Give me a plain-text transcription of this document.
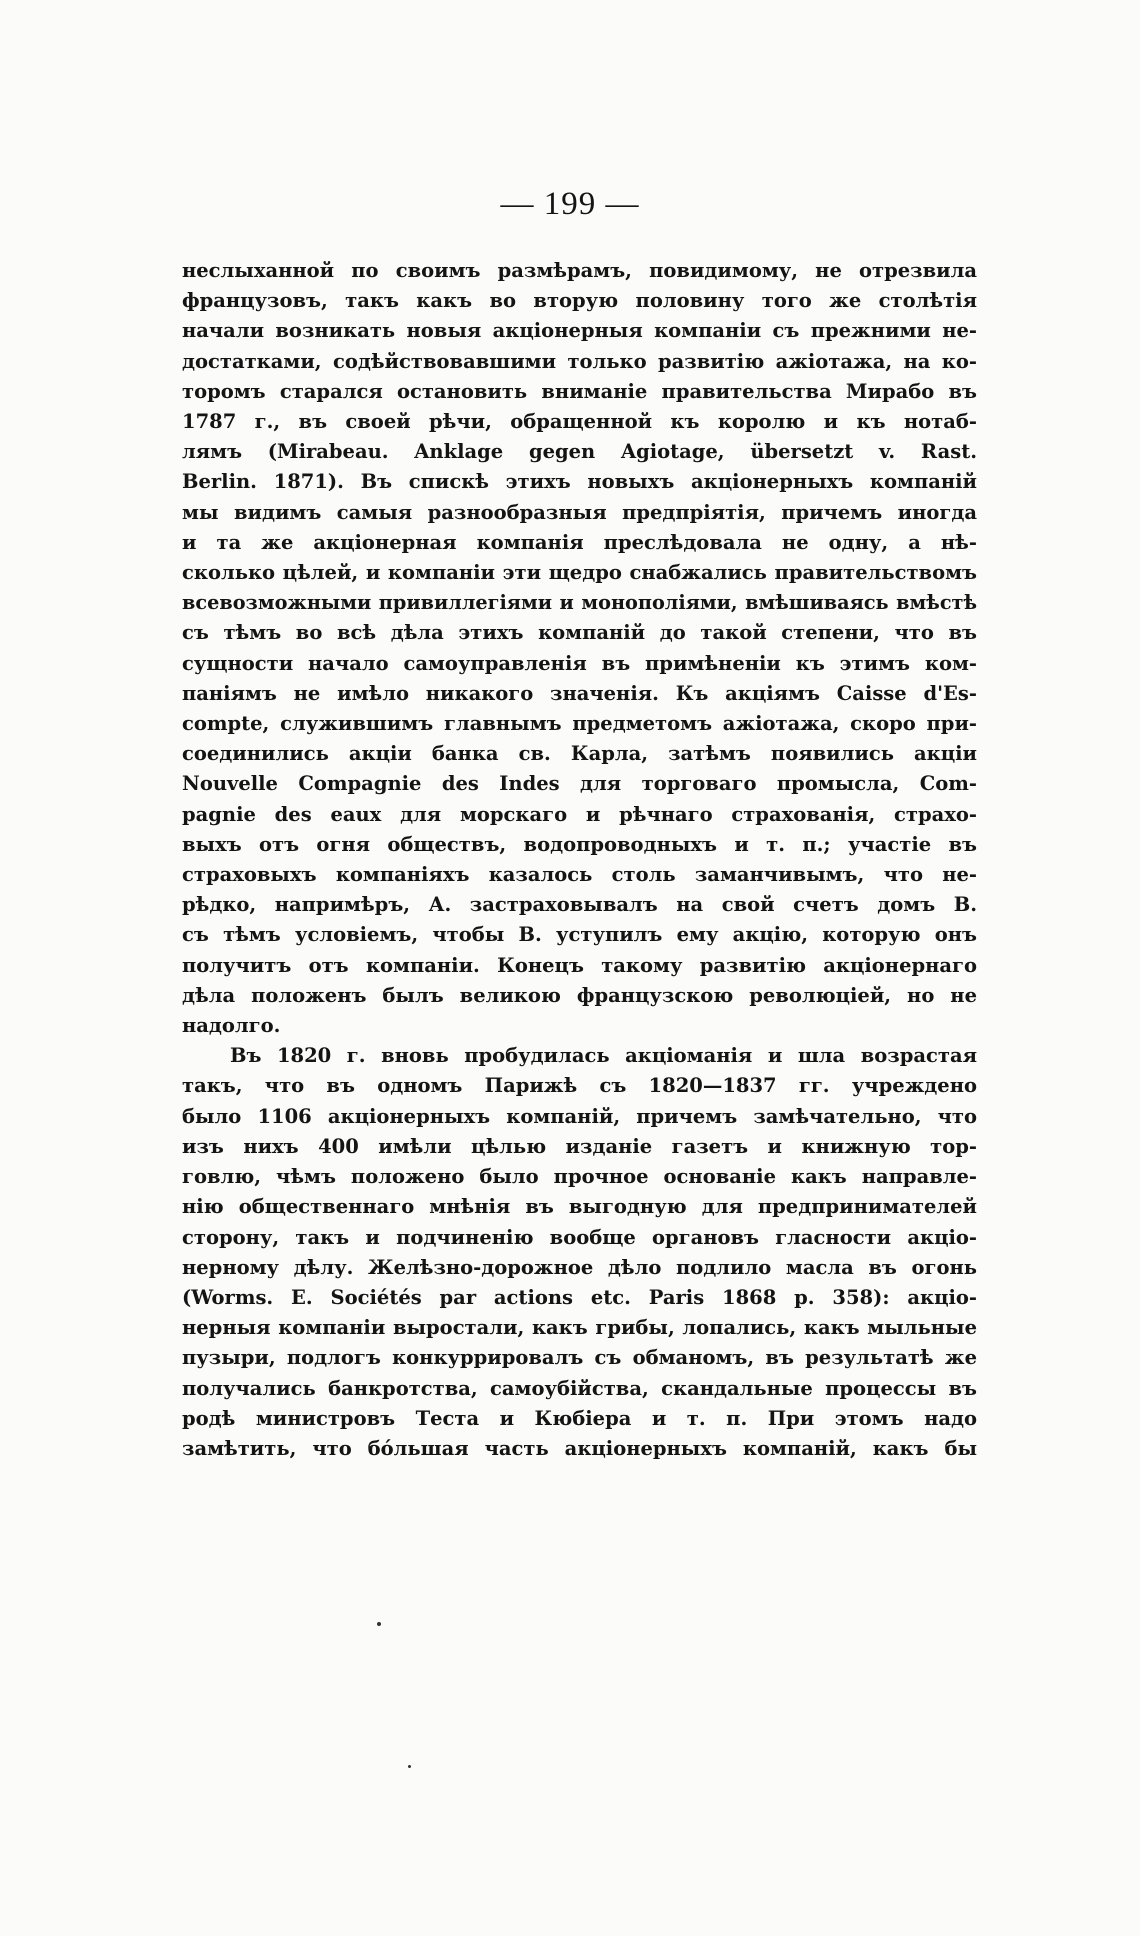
— 199 —
неслыханной по своимъ размѣрамъ, повидимому, не отрезвила
французовъ, такъ какъ во вторую половину того же столѣтія
начали возникать новыя акціонерныя компаніи съ прежними не-
достатками, содѣйствовавшими только развитію ажіотажа, на ко-
торомъ старался остановить вниманіе правительства Мирабо въ
1787 г., въ своей рѣчи, обращенной къ королю и къ нотаб-
лямъ (Mirabeau. Anklage gegen Agiotage, übersetzt v. Rast.
Berlin. 1871). Въ спискѣ этихъ новыхъ акціонерныхъ компаній
мы видимъ самыя разнообразныя предпріятія, причемъ иногда
и та же акціонерная компанія преслѣдовала не одну, а нѣ-
сколько цѣлей, и компаніи эти щедро снабжались правительствомъ
всевозможными привиллегіями и монополіями, вмѣшиваясь вмѣстѣ
съ тѣмъ во всѣ дѣла этихъ компаній до такой степени, что въ
сущности начало самоуправленія въ примѣненіи къ этимъ ком-
паніямъ не имѣло никакого значенія. Къ акціямъ Caisse d'Es-
compte, служившимъ главнымъ предметомъ ажіотажа, скоро при-
соединились акціи банка св. Карла, затѣмъ появились акціи
Nouvelle Compagnie des Indes для торговаго промысла, Com-
pagnie des eaux для морскаго и рѣчнаго страхованія, страхо-
выхъ отъ огня обществъ, водопроводныхъ и т. п.; участіе въ
страховыхъ компаніяхъ казалось столь заманчивымъ, что не-
рѣдко, напримѣръ, А. застраховывалъ на свой счетъ домъ В.
съ тѣмъ условіемъ, чтобы В. уступилъ ему акцію, которую онъ
получитъ отъ компаніи. Конецъ такому развитію акціонернаго
дѣла положенъ былъ великою французскою революціей, но не
надолго.
Въ 1820 г. вновь пробудилась акціоманія и шла возрастая
такъ, что въ одномъ Парижѣ съ 1820—1837 гг. учреждено
было 1106 акціонерныхъ компаній, причемъ замѣчательно, что
изъ нихъ 400 имѣли цѣлью изданіе газетъ и книжную тор-
говлю, чѣмъ положено было прочное основаніе какъ направле-
нію общественнаго мнѣнія въ выгодную для предпринимателей
сторону, такъ и подчиненію вообще органовъ гласности акціо-
нерному дѣлу. Желѣзно-дорожное дѣло подлило масла въ огонь
(Worms. E. Sociétés par actions etc. Paris 1868 p. 358): акціо-
нерныя компаніи выростали, какъ грибы, лопались, какъ мыльные
пузыри, подлогъ конкуррировалъ съ обманомъ, въ результатѣ же
получались банкротства, самоубійства, скандальные процессы въ
родѣ министровъ Теста и Кюбіера и т. п. При этомъ надо
замѣтить, что бóльшая часть акціонерныхъ компаній, какъ бы
